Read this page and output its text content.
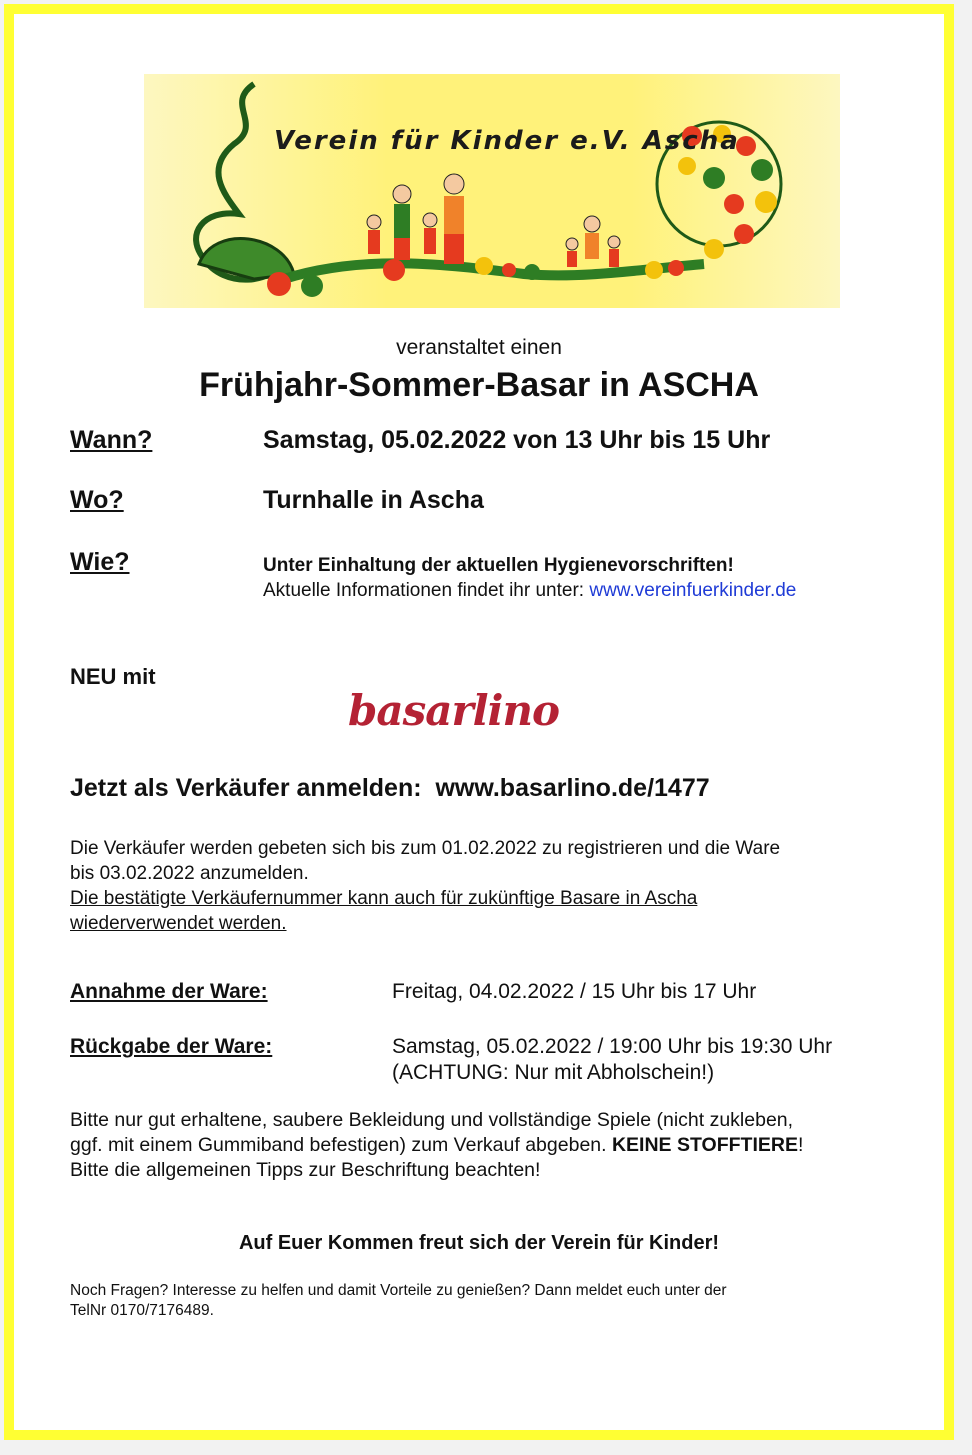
Verein für Kinder e.V. Ascha

veranstaltet einen

Frühjahr-Sommer-Basar in ASCHA

Wann?	Samstag, 05.02.2022 von 13 Uhr bis 15 Uhr
Wo?	Turnhalle in Ascha
Wie?	Unter Einhaltung der aktuellen Hygienevorschriften!
Aktuelle Informationen findet ihr unter: www.vereinfuerkinder.de
NEU mit
basarlino
Jetzt als Verkäufer anmelden: www.basarlino.de/1477
Die Verkäufer werden gebeten sich bis zum 01.02.2022 zu registrieren und die Ware
bis 03.02.2022 anzumelden.
Die bestätigte Verkäufernummer kann auch für zukünftige Basare in Ascha
wiederverwendet werden.
Annahme der Ware:	Freitag, 04.02.2022 / 15 Uhr bis 17 Uhr
Rückgabe der Ware:	Samstag, 05.02.2022 / 19:00 Uhr bis 19:30 Uhr
(ACHTUNG: Nur mit Abholschein!)
Bitte nur gut erhaltene, saubere Bekleidung und vollständige Spiele (nicht zukleben,
ggf. mit einem Gummiband befestigen) zum Verkauf abgeben. KEINE STOFFTIERE!
Bitte die allgemeinen Tipps zur Beschriftung beachten!

Auf Euer Kommen freut sich der Verein für Kinder!

Noch Fragen? Interesse zu helfen und damit Vorteile zu genießen? Dann meldet euch unter der
TelNr 0170/7176489.
